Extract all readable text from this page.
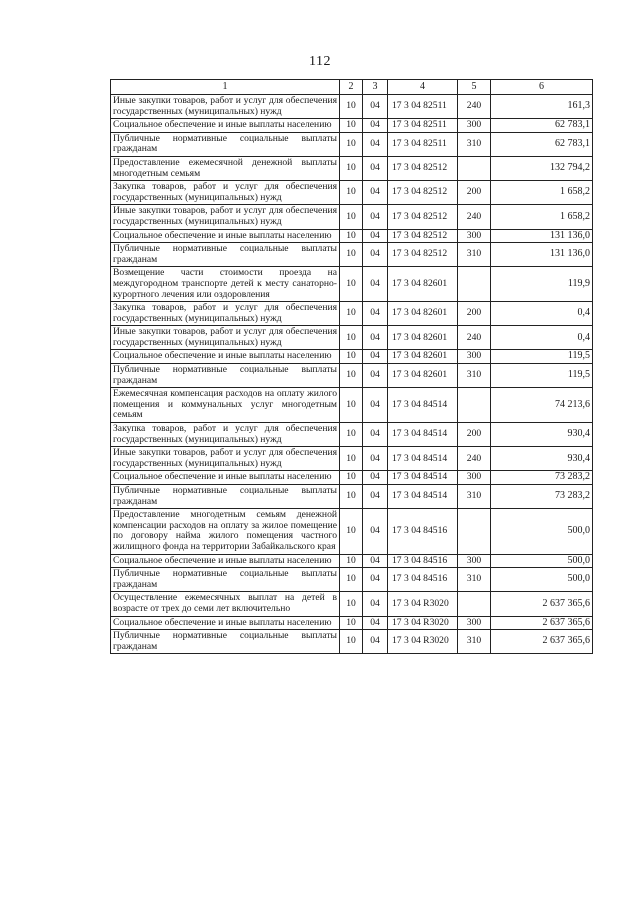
112
1	2	3	4	5	6
Иные закупки товаров, работ и услуг для обеспечения государственных (муниципальных) нужд	10	04	17 3 04 82511	240	161,3
Социальное обеспечение и иные выплаты населению	10	04	17 3 04 82511	300	62 783,1
Публичные нормативные социальные выплаты гражданам	10	04	17 3 04 82511	310	62 783,1
Предоставление ежемесячной денежной выплаты многодетным семьям	10	04	17 3 04 82512		132 794,2
Закупка товаров, работ и услуг для обеспечения государственных (муниципальных) нужд	10	04	17 3 04 82512	200	1 658,2
Иные закупки товаров, работ и услуг для обеспечения государственных (муниципальных) нужд	10	04	17 3 04 82512	240	1 658,2
Социальное обеспечение и иные выплаты населению	10	04	17 3 04 82512	300	131 136,0
Публичные нормативные социальные выплаты гражданам	10	04	17 3 04 82512	310	131 136,0
Возмещение части стоимости проезда на междугородном транспорте детей к месту санаторно-курортного лечения или оздоровления	10	04	17 3 04 82601		119,9
Закупка товаров, работ и услуг для обеспечения государственных (муниципальных) нужд	10	04	17 3 04 82601	200	0,4
Иные закупки товаров, работ и услуг для обеспечения государственных (муниципальных) нужд	10	04	17 3 04 82601	240	0,4
Социальное обеспечение и иные выплаты населению	10	04	17 3 04 82601	300	119,5
Публичные нормативные социальные выплаты гражданам	10	04	17 3 04 82601	310	119,5
Ежемесячная компенсация расходов на оплату жилого помещения и коммунальных услуг многодетным семьям	10	04	17 3 04 84514		74 213,6
Закупка товаров, работ и услуг для обеспечения государственных (муниципальных) нужд	10	04	17 3 04 84514	200	930,4
Иные закупки товаров, работ и услуг для обеспечения государственных (муниципальных) нужд	10	04	17 3 04 84514	240	930,4
Социальное обеспечение и иные выплаты населению	10	04	17 3 04 84514	300	73 283,2
Публичные нормативные социальные выплаты гражданам	10	04	17 3 04 84514	310	73 283,2
Предоставление многодетным семьям денежной компенсации расходов на оплату за жилое помещение по договору найма жилого помещения частного жилищного фонда на территории Забайкальского края	10	04	17 3 04 84516		500,0
Социальное обеспечение и иные выплаты населению	10	04	17 3 04 84516	300	500,0
Публичные нормативные социальные выплаты гражданам	10	04	17 3 04 84516	310	500,0
Осуществление ежемесячных выплат на детей в возрасте от трех до семи лет включительно	10	04	17 3 04 R3020		2 637 365,6
Социальное обеспечение и иные выплаты населению	10	04	17 3 04 R3020	300	2 637 365,6
Публичные нормативные социальные выплаты гражданам	10	04	17 3 04 R3020	310	2 637 365,6
